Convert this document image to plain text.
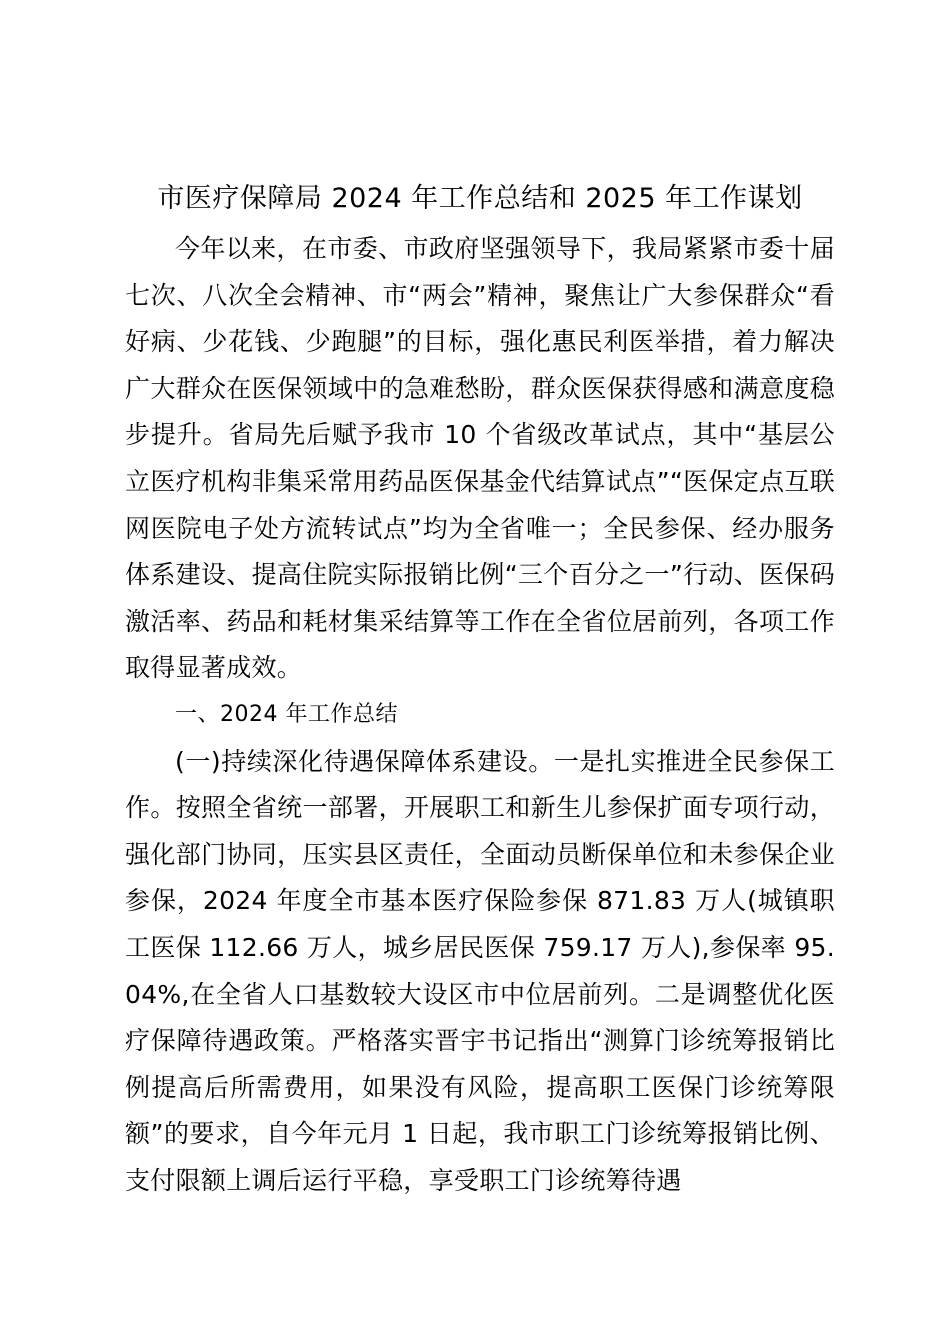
市医疗保障局 2024 年工作总结和 2025 年工作谋划

今年以来，在市委、市政府坚强领导下，我局紧紧市委十届七次、八次全会精神、市“两会”精神，聚焦让广大参保群众“看好病、少花钱、少跑腿”的目标，强化惠民利医举措，着力解决广大群众在医保领域中的急难愁盼，群众医保获得感和满意度稳步提升。省局先后赋予我市 10 个省级改革试点，其中“基层公立医疗机构非集采常用药品医保基金代结算试点”“医保定点互联网医院电子处方流转试点”均为全省唯一；全民参保、经办服务体系建设、提高住院实际报销比例“三个百分之一”行动、医保码激活率、药品和耗材集采结算等工作在全省位居前列，各项工作取得显著成效。

一、2024 年工作总结

(一)持续深化待遇保障体系建设。一是扎实推进全民参保工作。按照全省统一部署，开展职工和新生儿参保扩面专项行动，强化部门协同，压实县区责任，全面动员断保单位和未参保企业参保，2024 年度全市基本医疗保险参保 871.83 万人(城镇职工医保 112.66 万人，城乡居民医保 759.17 万人),参保率 95.04%,在全省人口基数较大设区市中位居前列。二是调整优化医疗保障待遇政策。严格落实晋宇书记指出“测算门诊统筹报销比例提高后所需费用，如果没有风险，提高职工医保门诊统筹限额”的要求，自今年元月 1 日起，我市职工门诊统筹报销比例、支付限额上调后运行平稳，享受职工门诊统筹待遇
